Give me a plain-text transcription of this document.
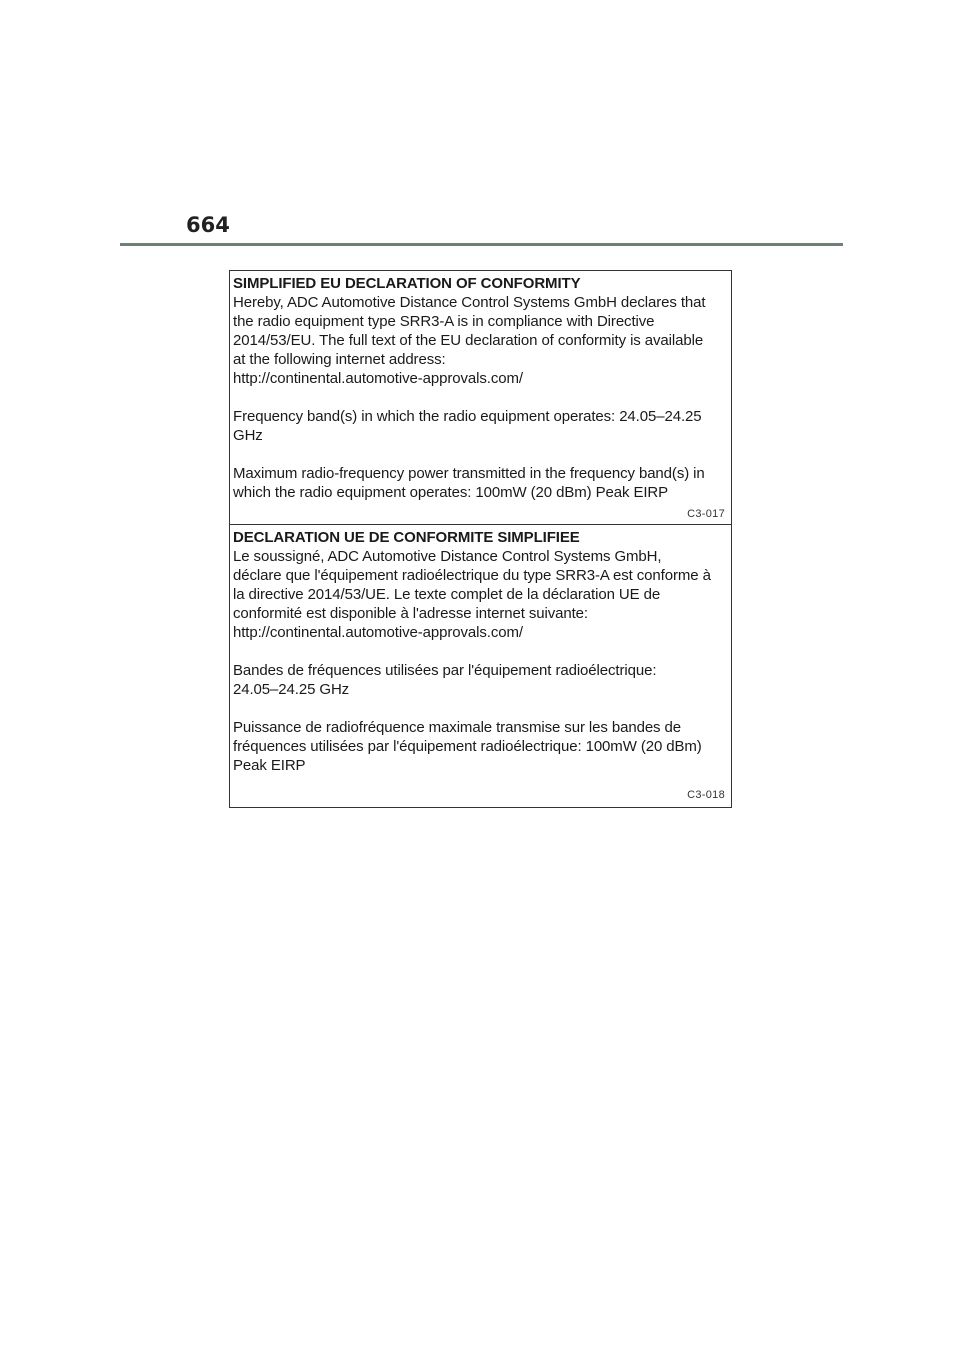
664

SIMPLIFIED EU DECLARATION OF CONFORMITY

Hereby, ADC Automotive Distance Control Systems GmbH declares that

the radio equipment type SRR3-A is in compliance with Directive

2014/53/EU. The full text of the EU declaration of conformity is available

at the following internet address:

http://continental.automotive-approvals.com/

Frequency band(s) in which the radio equipment operates: 24.05–24.25

GHz

Maximum radio-frequency power transmitted in the frequency band(s) in

which the radio equipment operates: 100mW (20 dBm) Peak EIRP

C3-017

DECLARATION UE DE CONFORMITE SIMPLIFIEE

Le soussigné, ADC Automotive Distance Control Systems GmbH,

déclare que l'équipement radioélectrique du type SRR3-A est conforme à

la directive 2014/53/UE. Le texte complet de la déclaration UE de

conformité est disponible à l'adresse internet suivante:

http://continental.automotive-approvals.com/

Bandes de fréquences utilisées par l'équipement radioélectrique:

24.05–24.25 GHz

Puissance de radiofréquence maximale transmise sur les bandes de

fréquences utilisées par l'équipement radioélectrique: 100mW (20 dBm)

Peak EIRP

C3-018
